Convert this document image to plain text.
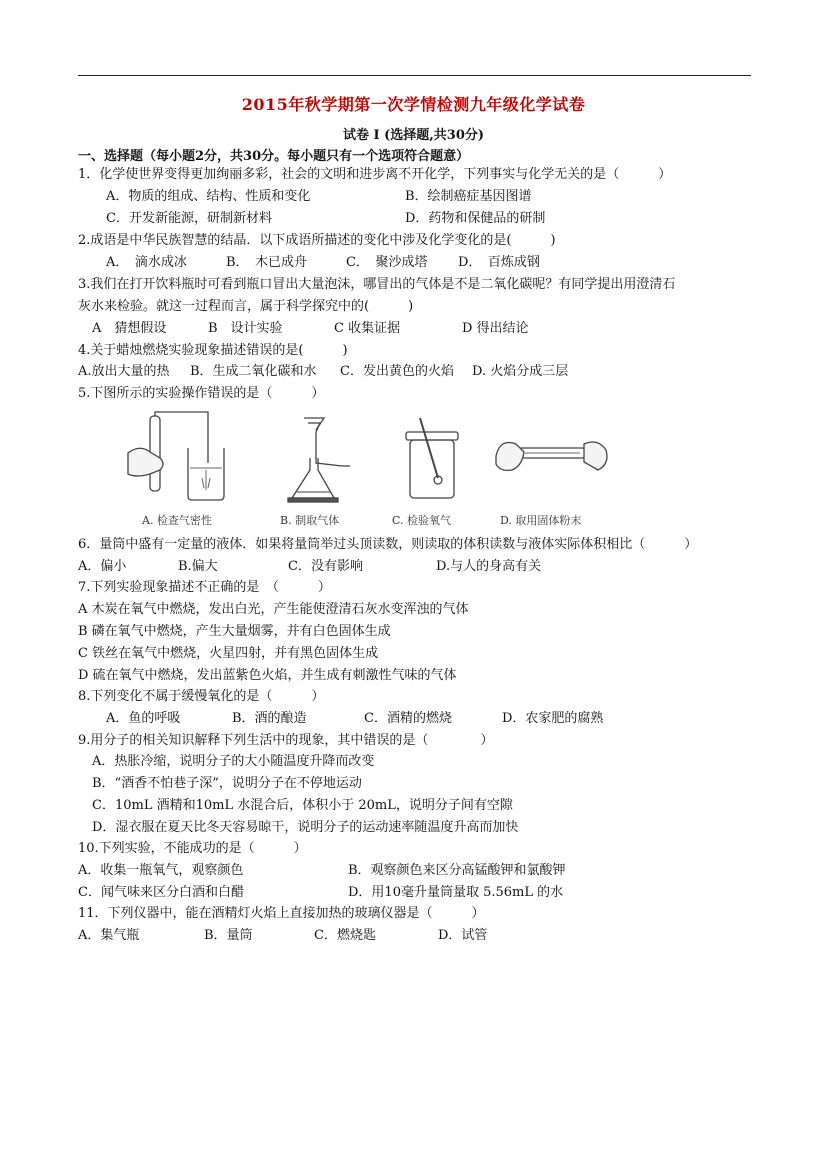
2015年秋学期第一次学情检测九年级化学试卷
试卷 I (选择题,共30分)
一、选择题（每小题2分，共30分。每小题只有一个选项符合题意）
1．化学使世界变得更加绚丽多彩，社会的文明和进步离不开化学，下列事实与化学无关的是（　　　）
A．物质的组成、结构、性质和变化	B．绘制癌症基因图谱
C．开发新能源，研制新材料	D．药物和保健品的研制
2.成语是中华民族智慧的结晶．以下成语所描述的变化中涉及化学变化的是(　　　)
A．　滴水成冰	B．　木已成舟	C．　聚沙成塔 D．　百炼成钢
3.我们在打开饮料瓶时可看到瓶口冒出大量泡沫，哪冒出的气体是不是二氧化碳呢？有同学提出用澄清石
灰水来检验。就这一过程而言，属于科学探究中的(　　　)
A　猜想假设	B　设计实验	C 收集证据	D 得出结论
4.关于蜡烛燃烧实验现象描述错误的是(　　　)
A.放出大量的热 B．生成二氧化碳和水 C．发出黄色的火焰 D. 火焰分成三层
5.下图所示的实验操作错误的是（　　　）
A. 检查气密性	B. 制取气体	C. 检验氧气	D. 取用固体粉末
6．量筒中盛有一定量的液体．如果将量筒举过头顶读数，则读取的体积读数与液体实际体积相比（　　　）
A．偏小	B.偏大	C．没有影响	D.与人的身高有关
7.下列实验现象描述不正确的是　（　　　）
A 木炭在氧气中燃烧，发出白光，产生能使澄清石灰水变浑浊的气体
B 磷在氧气中燃烧，产生大量烟雾，并有白色固体生成
C 铁丝在氧气中燃烧，火星四射，并有黑色固体生成
D 硫在氧气中燃烧，发出蓝紫色火焰，并生成有刺激性气味的气体
8.下列变化不属于缓慢氧化的是（　　　）
A．鱼的呼吸	B．酒的酿造	C．酒精的燃烧	D．农家肥的腐熟
9.用分子的相关知识解释下列生活中的现象，其中错误的是（　　　　）
A．热胀冷缩，说明分子的大小随温度升降而改变
B．“酒香不怕巷子深”，说明分子在不停地运动
C．10mL 酒精和10mL 水混合后，体积小于 20mL，说明分子间有空隙
D．湿衣服在夏天比冬天容易晾干，说明分子的运动速率随温度升高而加快
10.下列实验，不能成功的是（　　　）
A．收集一瓶氧气，观察颜色	B．观察颜色来区分高锰酸钾和氯酸钾
C．闻气味来区分白酒和白醋	D．用10毫升量筒量取 5.56mL 的水
11．下列仪器中，能在酒精灯火焰上直接加热的玻璃仪器是（　　　）
A．集气瓶	B．量筒	C．燃烧匙	D．试管
